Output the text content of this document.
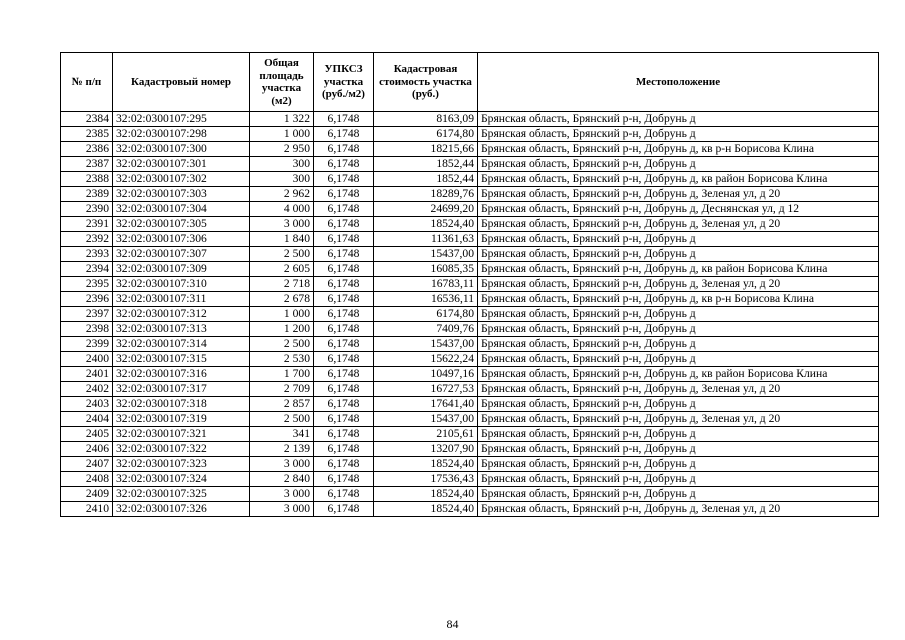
№ п/п	Кадастровый номер	Общая площадь участка (м2)	УПКСЗ участка (руб./м2)	Кадастровая стоимость участка (руб.)	Местоположение
2384	32:02:0300107:295	1 322	6,1748	8163,09	Брянская область, Брянский р-н, Добрунь д
2385	32:02:0300107:298	1 000	6,1748	6174,80	Брянская область, Брянский р-н, Добрунь д
2386	32:02:0300107:300	2 950	6,1748	18215,66	Брянская область, Брянский р-н, Добрунь д, кв р-н Борисова Клина
2387	32:02:0300107:301	300	6,1748	1852,44	Брянская область, Брянский р-н, Добрунь д
2388	32:02:0300107:302	300	6,1748	1852,44	Брянская область, Брянский р-н, Добрунь д, кв район Борисова Клина
2389	32:02:0300107:303	2 962	6,1748	18289,76	Брянская область, Брянский р-н, Добрунь д, Зеленая ул, д 20
2390	32:02:0300107:304	4 000	6,1748	24699,20	Брянская область, Брянский р-н, Добрунь д, Деснянская ул, д 12
2391	32:02:0300107:305	3 000	6,1748	18524,40	Брянская область, Брянский р-н, Добрунь д, Зеленая ул, д 20
2392	32:02:0300107:306	1 840	6,1748	11361,63	Брянская область, Брянский р-н, Добрунь д
2393	32:02:0300107:307	2 500	6,1748	15437,00	Брянская область, Брянский р-н, Добрунь д
2394	32:02:0300107:309	2 605	6,1748	16085,35	Брянская область, Брянский р-н, Добрунь д, кв район Борисова Клина
2395	32:02:0300107:310	2 718	6,1748	16783,11	Брянская область, Брянский р-н, Добрунь д, Зеленая ул, д 20
2396	32:02:0300107:311	2 678	6,1748	16536,11	Брянская область, Брянский р-н, Добрунь д, кв р-н Борисова Клина
2397	32:02:0300107:312	1 000	6,1748	6174,80	Брянская область, Брянский р-н, Добрунь д
2398	32:02:0300107:313	1 200	6,1748	7409,76	Брянская область, Брянский р-н, Добрунь д
2399	32:02:0300107:314	2 500	6,1748	15437,00	Брянская область, Брянский р-н, Добрунь д
2400	32:02:0300107:315	2 530	6,1748	15622,24	Брянская область, Брянский р-н, Добрунь д
2401	32:02:0300107:316	1 700	6,1748	10497,16	Брянская область, Брянский р-н, Добрунь д, кв район Борисова Клина
2402	32:02:0300107:317	2 709	6,1748	16727,53	Брянская область, Брянский р-н, Добрунь д, Зеленая ул, д 20
2403	32:02:0300107:318	2 857	6,1748	17641,40	Брянская область, Брянский р-н, Добрунь д
2404	32:02:0300107:319	2 500	6,1748	15437,00	Брянская область, Брянский р-н, Добрунь д, Зеленая ул, д 20
2405	32:02:0300107:321	341	6,1748	2105,61	Брянская область, Брянский р-н, Добрунь д
2406	32:02:0300107:322	2 139	6,1748	13207,90	Брянская область, Брянский р-н, Добрунь д
2407	32:02:0300107:323	3 000	6,1748	18524,40	Брянская область, Брянский р-н, Добрунь д
2408	32:02:0300107:324	2 840	6,1748	17536,43	Брянская область, Брянский р-н, Добрунь д
2409	32:02:0300107:325	3 000	6,1748	18524,40	Брянская область, Брянский р-н, Добрунь д
2410	32:02:0300107:326	3 000	6,1748	18524,40	Брянская область, Брянский р-н, Добрунь д, Зеленая ул, д 20
84
